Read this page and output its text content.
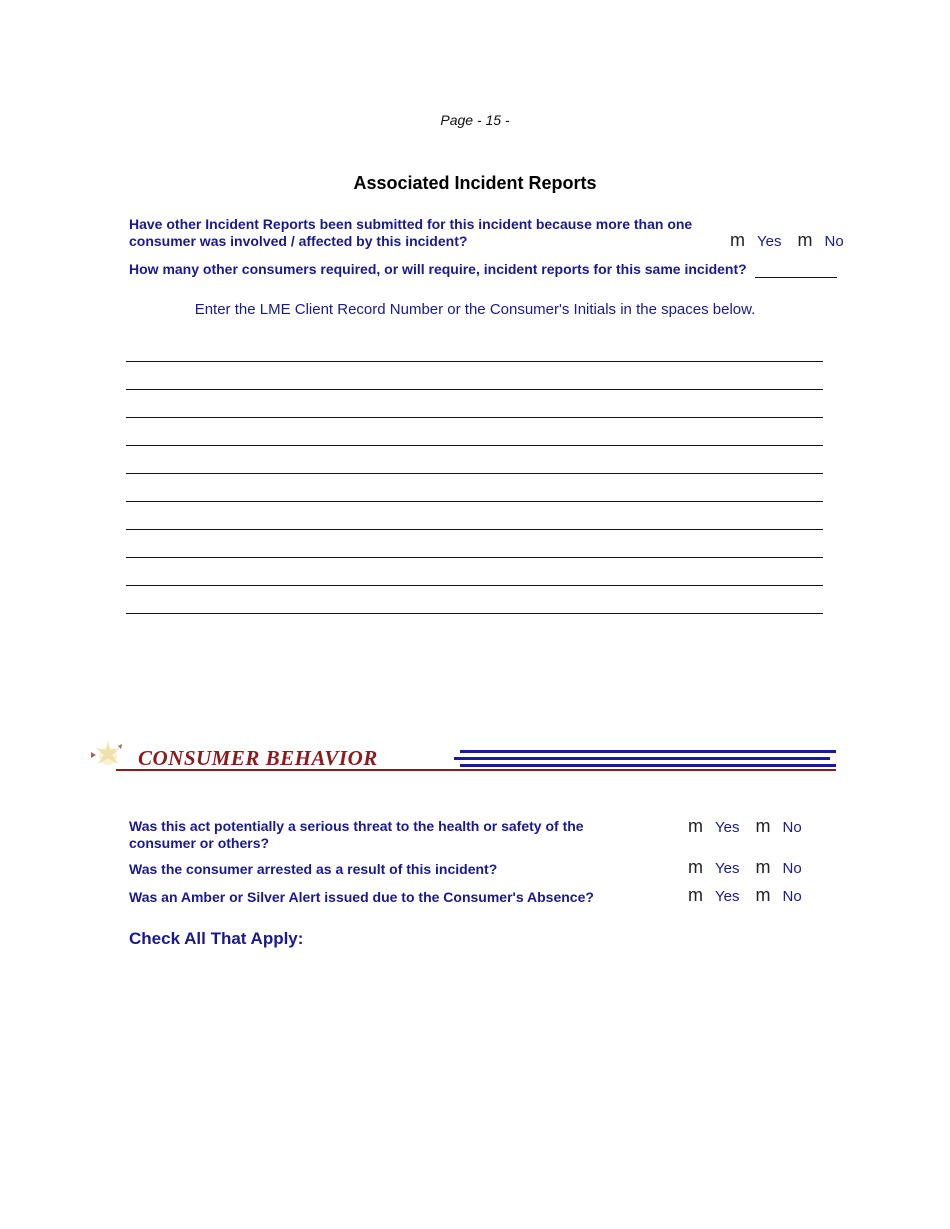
Page - 15 -
Associated Incident Reports
Have other Incident Reports been submitted for this incident because more than one consumer was involved / affected by this incident?	m Yes m No
How many other consumers required, or will require, incident reports for this same incident?
Enter the LME Client Record Number or the Consumer's Initials in the spaces below.
CONSUMER BEHAVIOR
Was this act potentially a serious threat to the health or safety of the consumer or others?
m Yes m No
Was the consumer arrested as a result of this incident?	m Yes m No
Was an Amber or Silver Alert issued due to the Consumer's Absence?	m Yes m No
Check All That Apply:
